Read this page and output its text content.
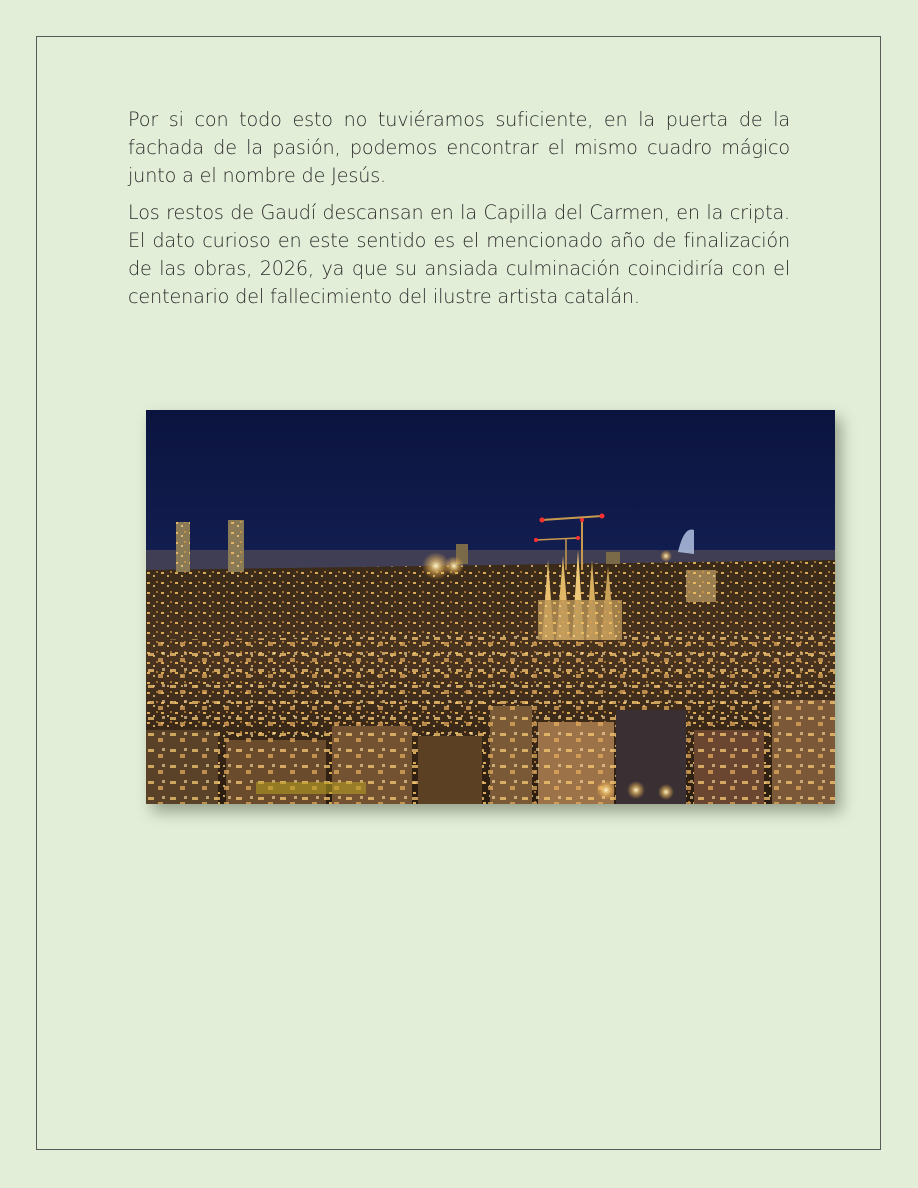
Por si con todo esto no tuviéramos suficiente, en la puerta de la fachada de la pasión, podemos encontrar el mismo cuadro mágico junto a el nombre de Jesús.

Los restos de Gaudí descansan en la Capilla del Carmen, en la cripta. El dato curioso en este sentido es el mencionado año de finalización de las obras, 2026, ya que su ansiada culminación coincidiría con el centenario del fallecimiento del ilustre artista catalán.
